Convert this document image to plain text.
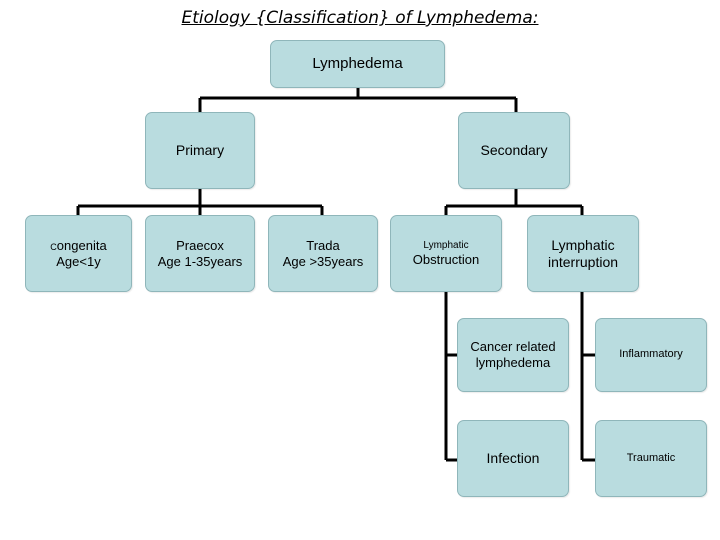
Etiology {Classification} of Lymphedema:
Lymphedema
Primary	Secondary
Congenita
Age<1y
Praecox
Age 1-35years
Trada
Age >35years
Lymphatic
Obstruction
Lymphatic
interruption
Cancer related
lymphedema
Inflammatory
Infection	Traumatic
